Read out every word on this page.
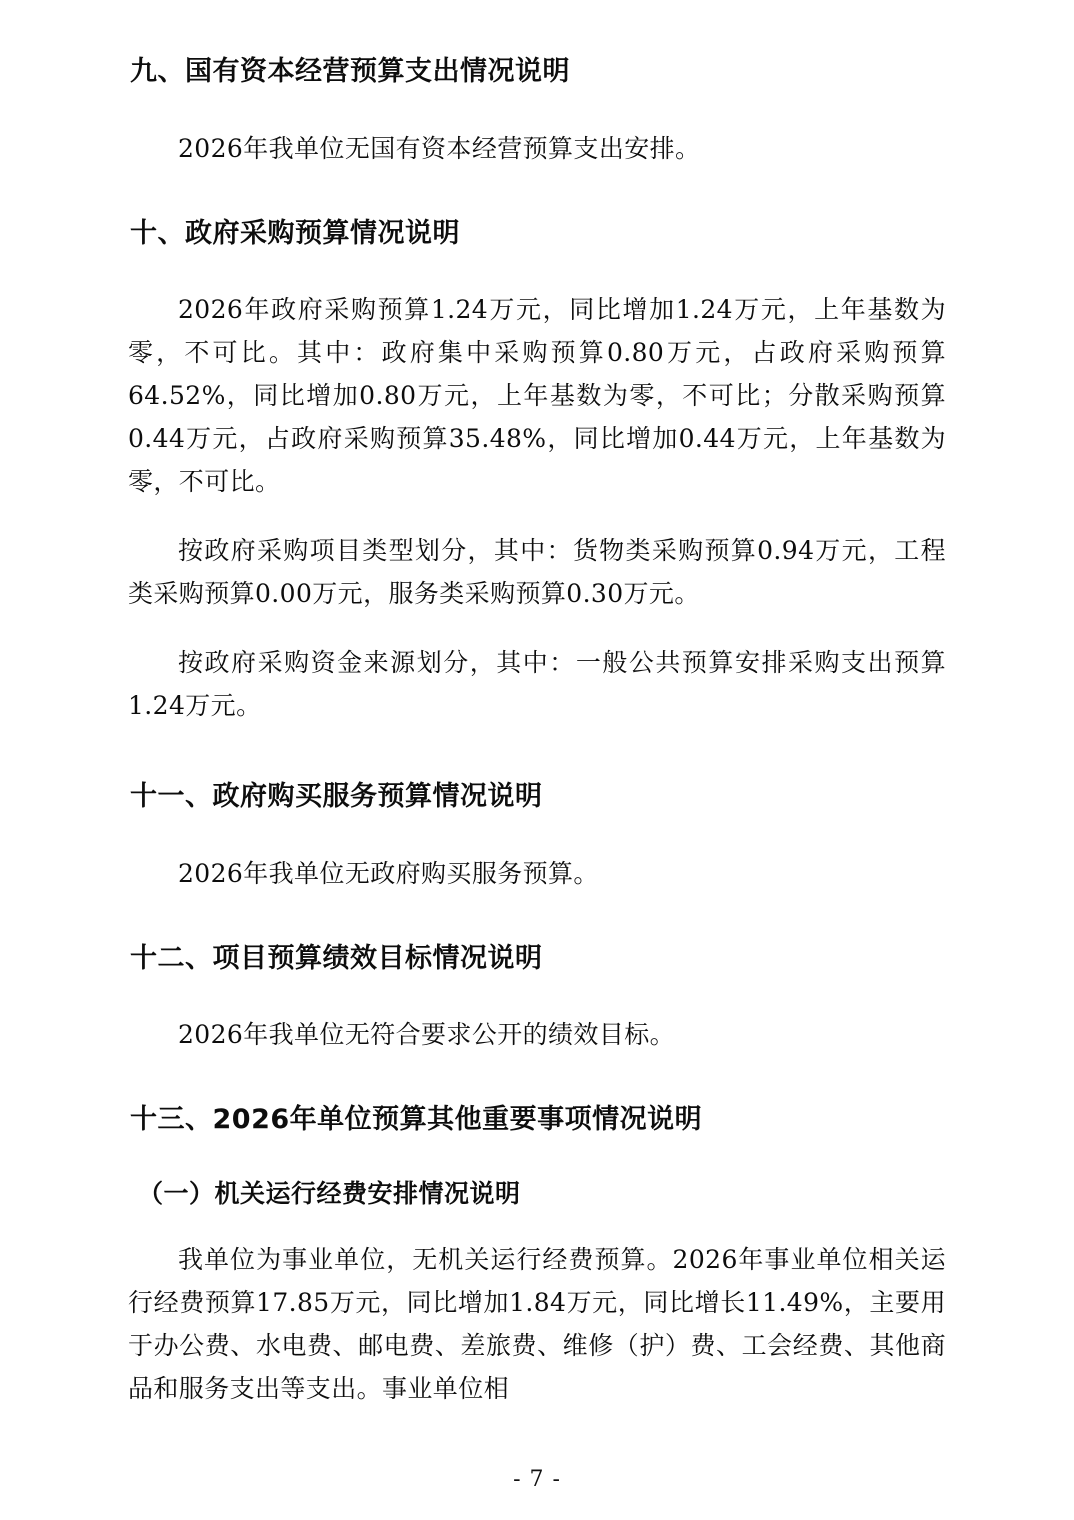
九、国有资本经营预算支出情况说明

2026年我单位无国有资本经营预算支出安排。

十、政府采购预算情况说明

2026年政府采购预算1.24万元，同比增加1.24万元，上年基数为零，不可比。其中：政府集中采购预算0.80万元，占政府采购预算64.52%，同比增加0.80万元，上年基数为零，不可比；分散采购预算0.44万元，占政府采购预算35.48%，同比增加0.44万元，上年基数为零，不可比。

按政府采购项目类型划分，其中：货物类采购预算0.94万元，工程类采购预算0.00万元，服务类采购预算0.30万元。

按政府采购资金来源划分，其中：一般公共预算安排采购支出预算1.24万元。

十一、政府购买服务预算情况说明

2026年我单位无政府购买服务预算。

十二、项目预算绩效目标情况说明

2026年我单位无符合要求公开的绩效目标。

十三、2026年单位预算其他重要事项情况说明
（一）机关运行经费安排情况说明

我单位为事业单位，无机关运行经费预算。2026年事业单位相关运行经费预算17.85万元，同比增加1.84万元，同比增长11.49%，主要用于办公费、水电费、邮电费、差旅费、维修（护）费、工会经费、其他商品和服务支出等支出。事业单位相

- 7 -
